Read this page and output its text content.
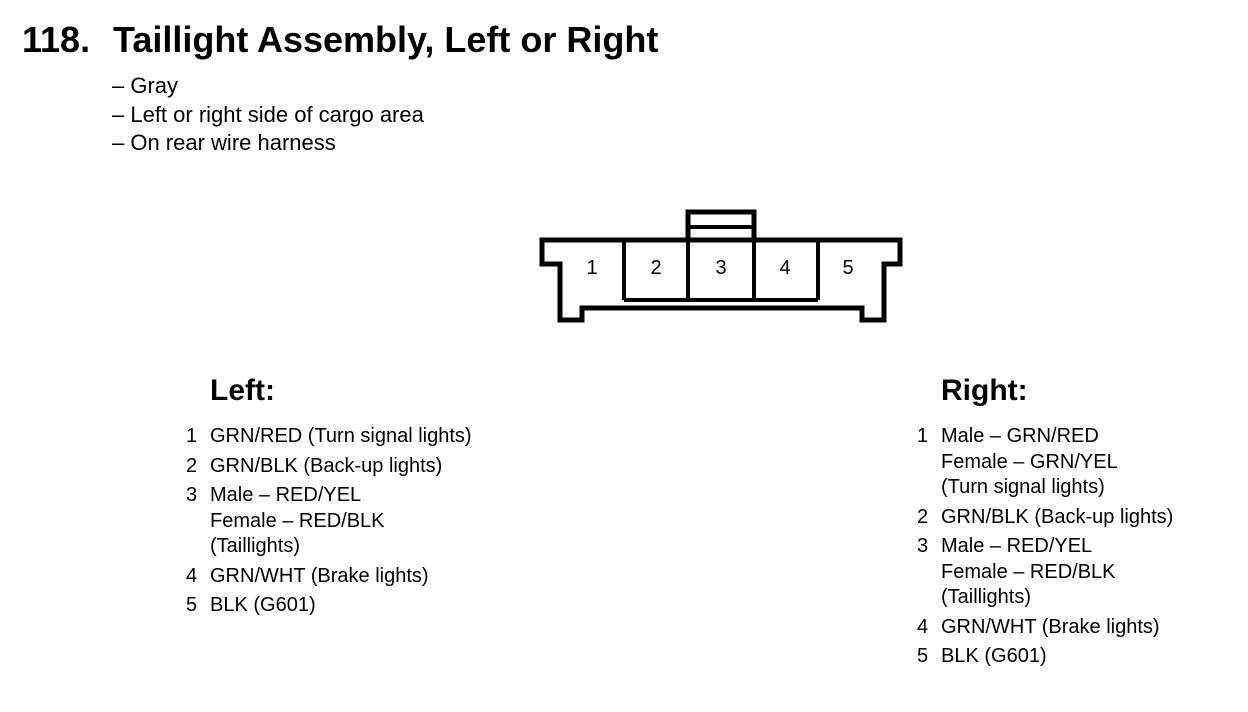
118. Taillight Assembly, Left or Right
– Gray
– Left or right side of cargo area
– On rear wire harness
1	2	3	4	5
Left:
1 GRN/RED (Turn signal lights)
2 GRN/BLK (Back-up lights)
3 Male – RED/YEL
Female – RED/BLK
(Taillights)
4 GRN/WHT (Brake lights)
5 BLK (G601)
Right:
1 Male – GRN/RED
Female – GRN/YEL
(Turn signal lights)
2 GRN/BLK (Back-up lights)
3 Male – RED/YEL
Female – RED/BLK
(Taillights)
4 GRN/WHT (Brake lights)
5 BLK (G601)
